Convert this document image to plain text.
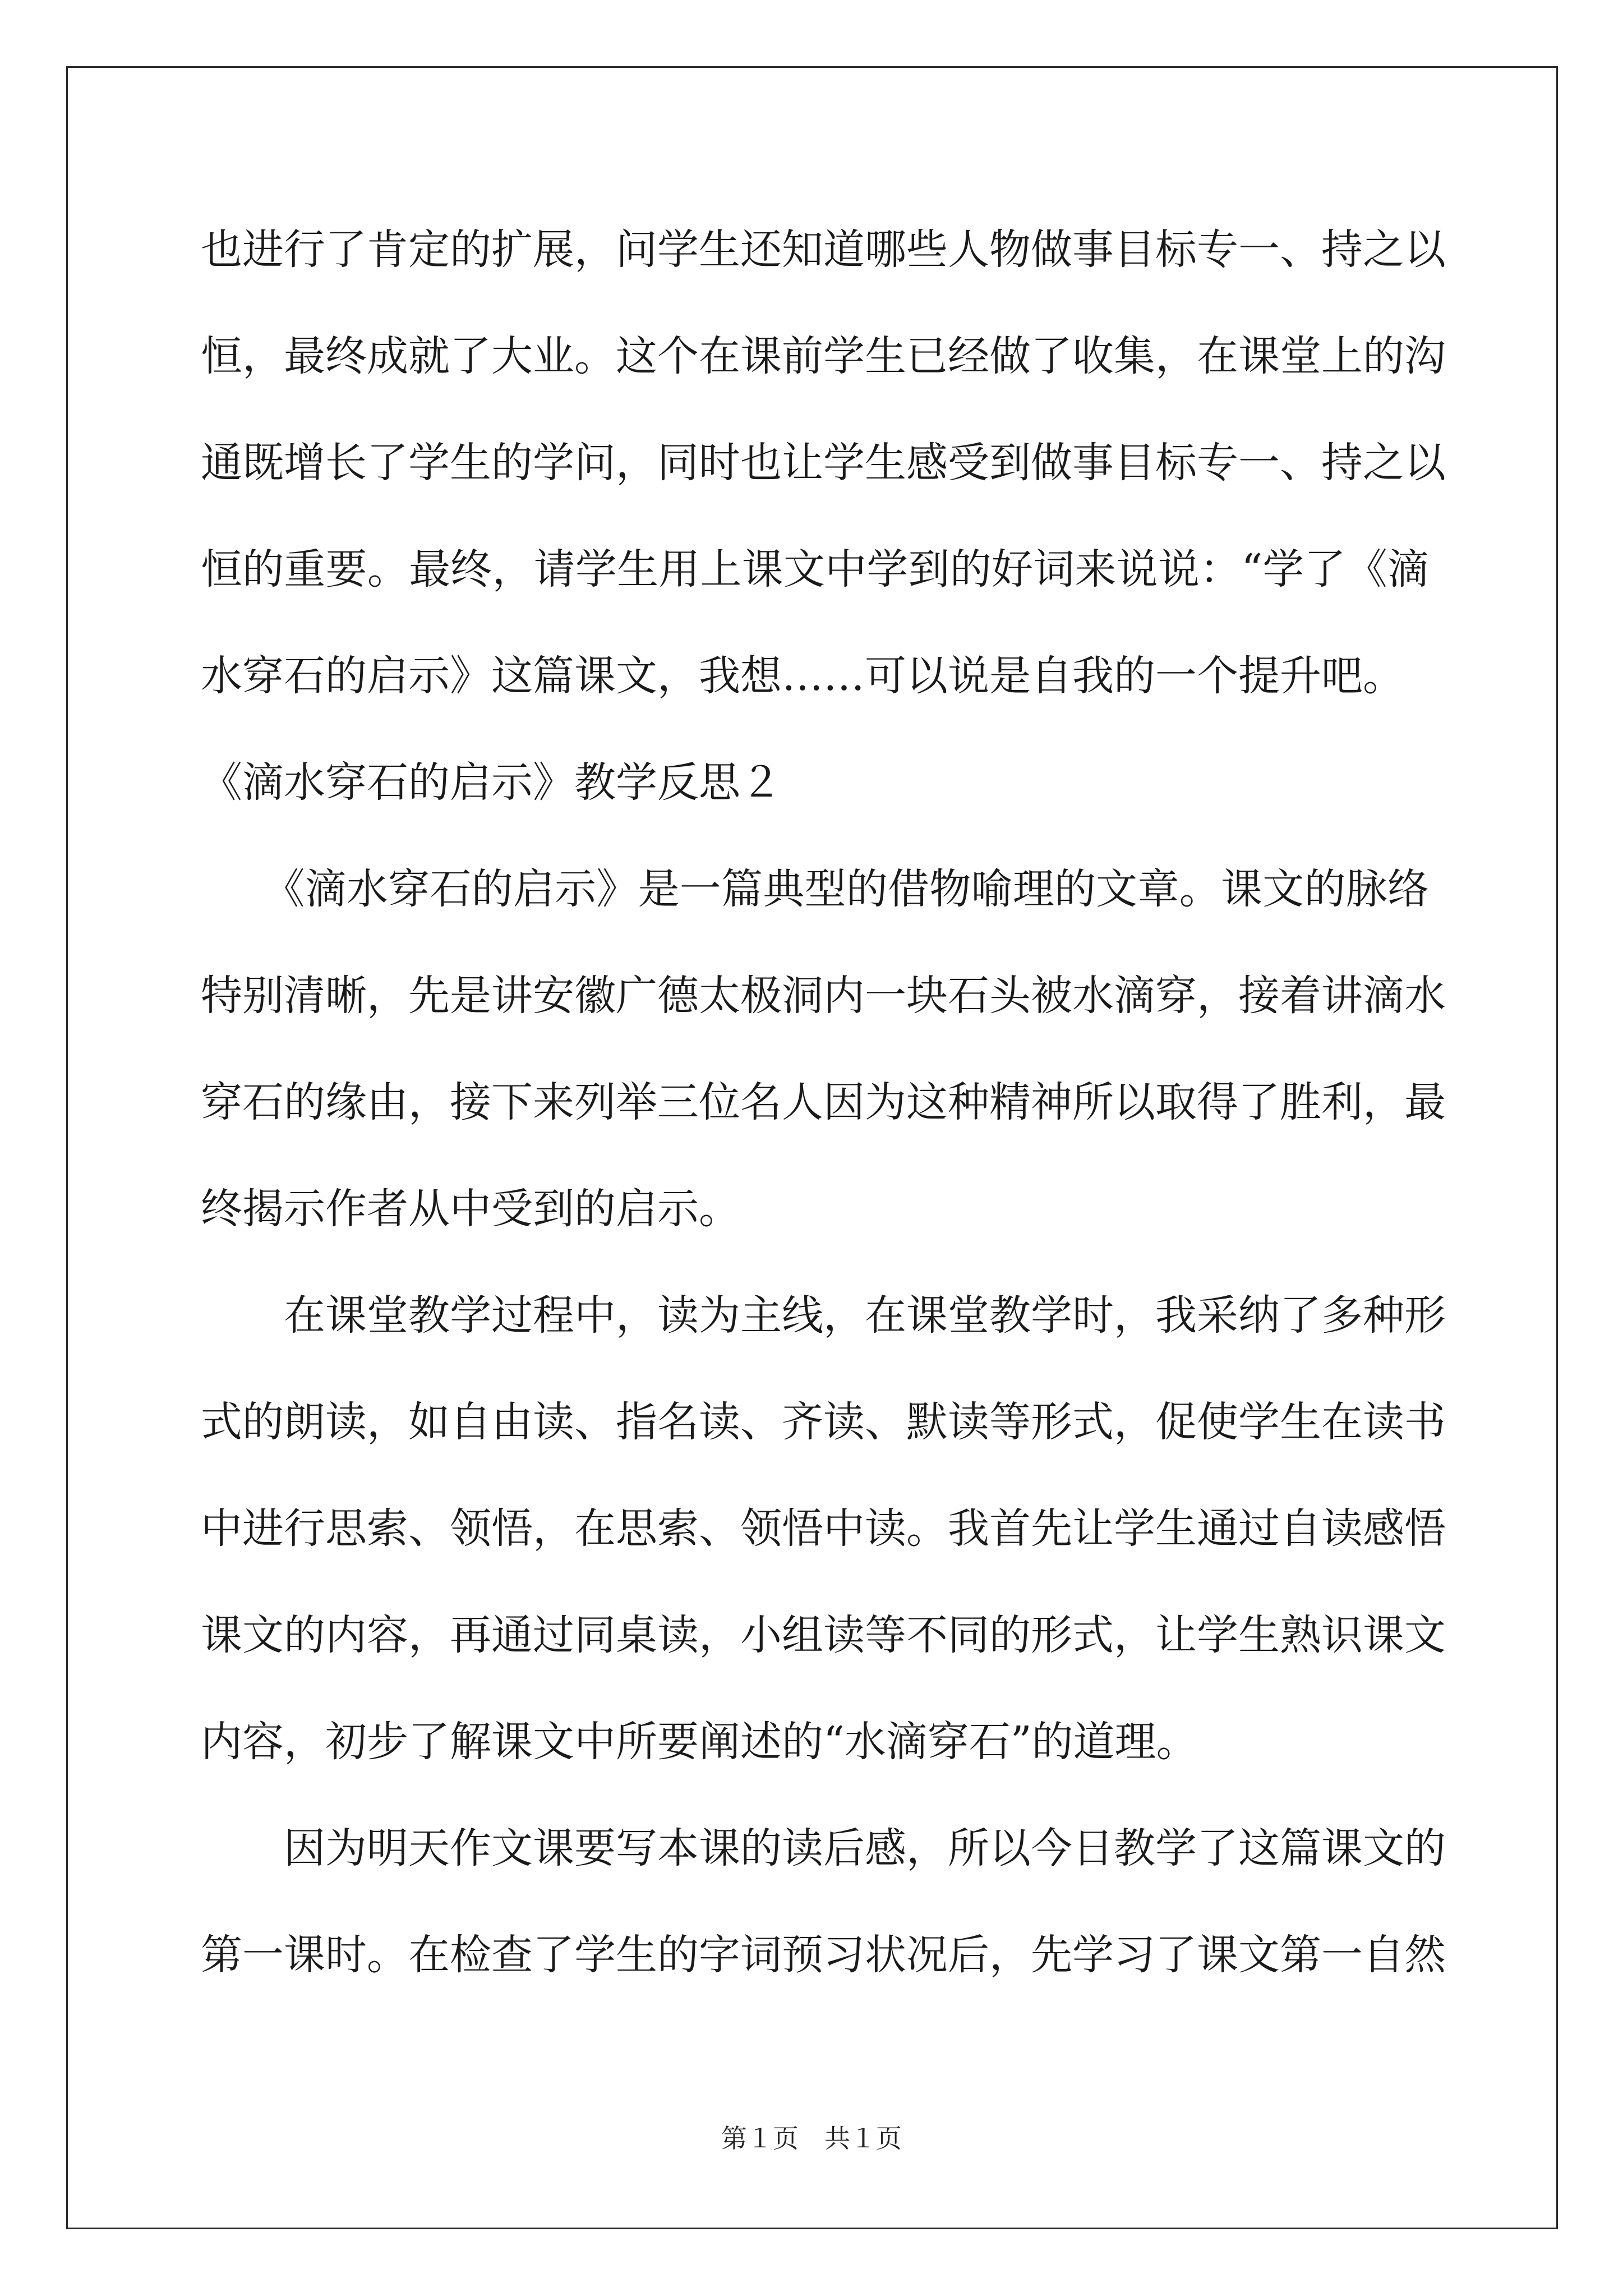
也进行了肯定的扩展，问学生还知道哪些人物做事目标专一、持之以
恒，最终成就了大业。这个在课前学生已经做了收集，在课堂上的沟
通既增长了学生的学问，同时也让学生感受到做事目标专一、持之以
恒的重要。最终，请学生用上课文中学到的好词来说说：“学了《滴
水穿石的启示》这篇课文，我想……可以说是自我的一个提升吧。
《滴水穿石的启示》教学反思２
　　《滴水穿石的启示》是一篇典型的借物喻理的文章。课文的脉络
特别清晰，先是讲安徽广德太极洞内一块石头被水滴穿，接着讲滴水
穿石的缘由，接下来列举三位名人因为这种精神所以取得了胜利，最
终揭示作者从中受到的启示。
　　在课堂教学过程中，读为主线，在课堂教学时，我采纳了多种形
式的朗读，如自由读、指名读、齐读、默读等形式，促使学生在读书
中进行思索、领悟，在思索、领悟中读。我首先让学生通过自读感悟
课文的内容，再通过同桌读，小组读等不同的形式，让学生熟识课文
内容，初步了解课文中所要阐述的“水滴穿石”的道理。
　　因为明天作文课要写本课的读后感，所以今日教学了这篇课文的
第一课时。在检查了学生的字词预习状况后，先学习了课文第一自然
第１页　共１页
